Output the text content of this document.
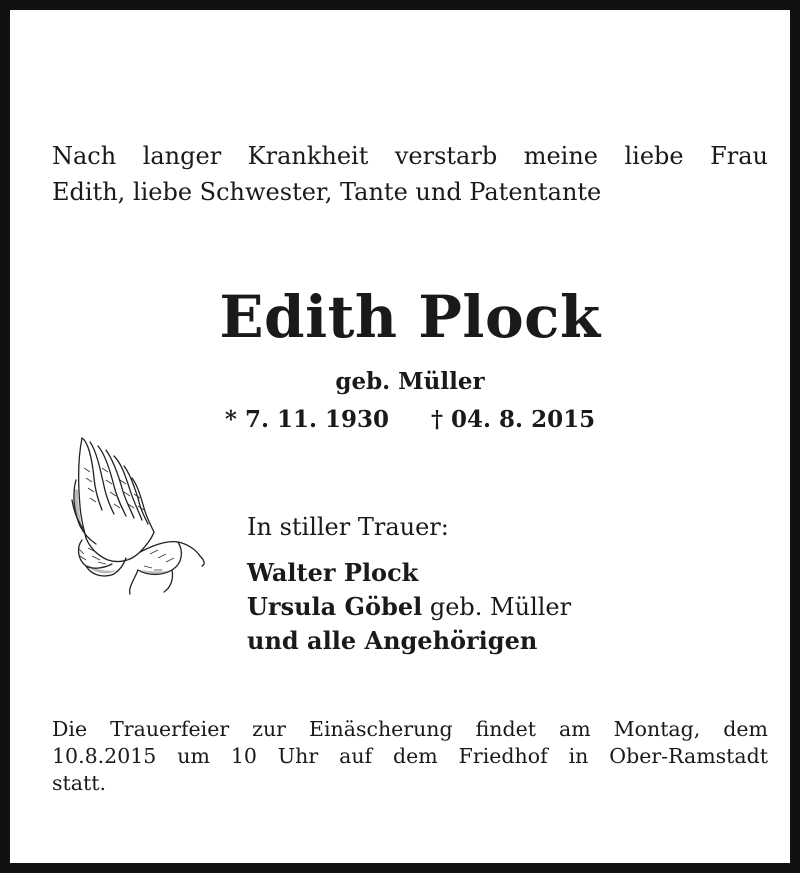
Nach langer Krankheit verstarb meine liebe Frau
Edith, liebe Schwester, Tante und Patentante
Edith Plock
geb. Müller
* 7. 11. 1930 † 04. 8. 2015
In stiller Trauer:
Walter Plock
Ursula Göbel geb. Müller
und alle Angehörigen
Die Trauerfeier zur Einäscherung findet am Montag, dem
10.8.2015 um 10 Uhr auf dem Friedhof in Ober-Ramstadt
statt.
